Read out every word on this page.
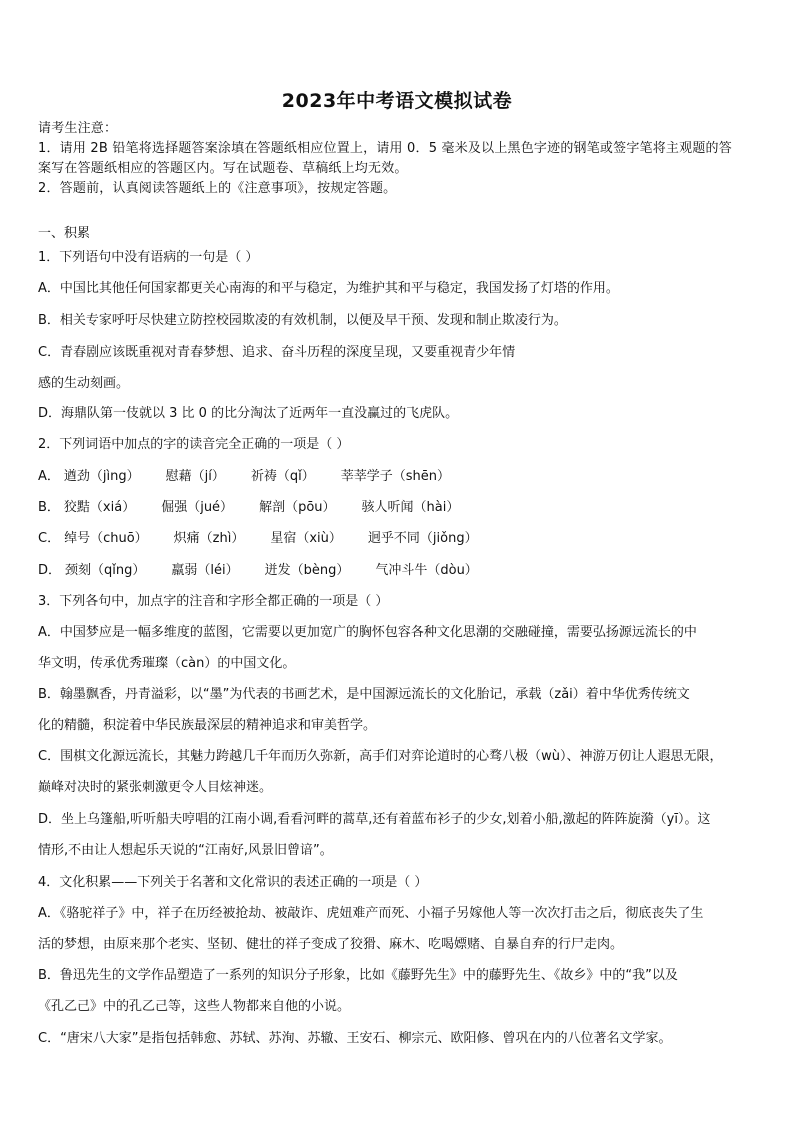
2023年中考语文模拟试卷
请考生注意：
1．请用 2B 铅笔将选择题答案涂填在答题纸相应位置上，请用 0．5 毫米及以上黑色字迹的钢笔或签字笔将主观题的答
案写在答题纸相应的答题区内。写在试题卷、草稿纸上均无效。
2．答题前，认真阅读答题纸上的《注意事项》，按规定答题。
一、积累
1．下列语句中没有语病的一句是（ ）
A．中国比其他任何国家都更关心南海的和平与稳定，为维护其和平与稳定，我国发扬了灯塔的作用。
B．相关专家呼吁尽快建立防控校园欺凌的有效机制，以便及早干预、发现和制止欺凌行为。
C．青春剧应该既重视对青春梦想、追求、奋斗历程的深度呈现，又要重视青少年情
感的生动刻画。
D．海鼎队第一伎就以 3 比 0 的比分淘汰了近两年一直没赢过的飞虎队。
2．下列词语中加点的字的读音完全正确的一项是（ ）
A． 遒劲（jìng） 慰藉（jí） 祈祷（qǐ） 莘莘学子（shēn）
B． 狡黠（xiá） 倔强（jué） 解剖（pōu） 骇人听闻（hài）
C． 绰号（chuō） 炽痛（zhì） 星宿（xiù） 迥乎不同（jiǒng）
D． 颈刻（qǐng） 羸弱（léi） 迸发（bèng） 气冲斗牛（dòu）
3．下列各句中，加点字的注音和字形全都正确的一项是（ ）
A．中国梦应是一幅多维度的蓝图，它需要以更加宽广的胸怀包容各种文化思潮的交融碰撞，需要弘扬源远流长的中
华文明，传承优秀璀璨（càn）的中国文化。
B．翰墨飘香，丹青溢彩，以“墨”为代表的书画艺术，是中国源远流长的文化胎记，承载（zǎi）着中华优秀传统文
化的精髓，积淀着中华民族最深层的精神追求和审美哲学。
C．围棋文化源远流长，其魅力跨越几千年而历久弥新，高手们对弈论道时的心骛八极（wù）、神游万仞让人遐思无限，
巅峰对决时的紧张刺激更令人目炫神迷。
D．坐上乌篷船,听听船夫哼唱的江南小调,看看河畔的蒿草,还有着蓝布衫子的少女,划着小船,激起的阵阵旋漪（yī）。这
情形,不由让人想起乐天说的“江南好,风景旧曾谙”。
4．文化积累——下列关于名著和文化常识的表述正确的一项是（ ）
A．《骆驼祥子》中，祥子在历经被抢劫、被敲诈、虎妞难产而死、小福子另嫁他人等一次次打击之后，彻底丧失了生
活的梦想，由原来那个老实、坚韧、健壮的祥子变成了狡猾、麻木、吃喝嫖赌、自暴自弃的行尸走肉。
B．鲁迅先生的文学作品塑造了一系列的知识分子形象，比如《藤野先生》中的藤野先生、《故乡》中的“我”以及
《孔乙己》中的孔乙己等，这些人物都来自他的小说。
C．“唐宋八大家”是指包括韩愈、苏轼、苏洵、苏辙、王安石、柳宗元、欧阳修、曾巩在内的八位著名文学家。
